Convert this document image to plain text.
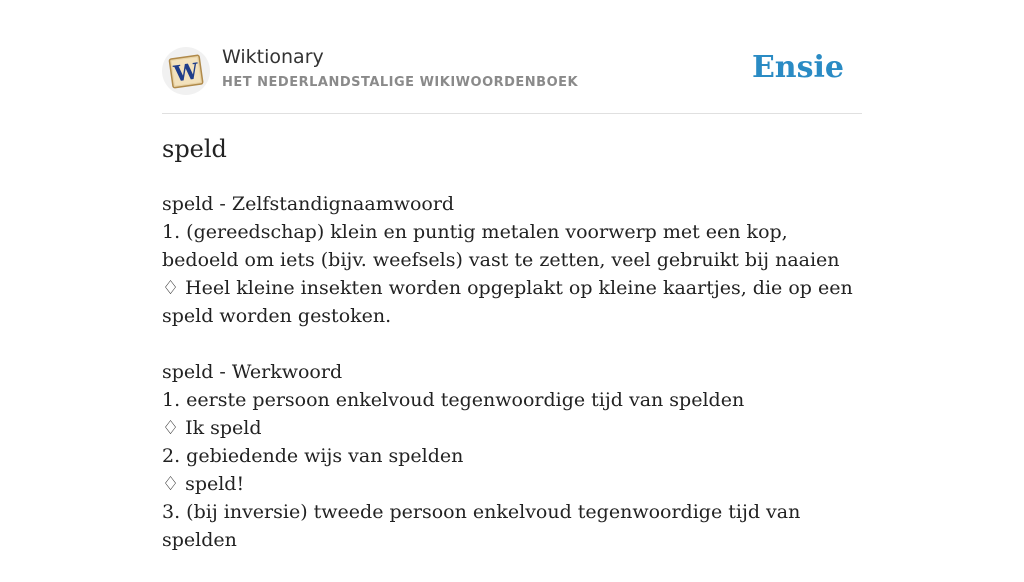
W
Wiktionary
HET NEDERLANDSTALIGE WIKIWOORDENBOEK	Ensie
speld
speld - Zelfstandignaamwoord
1. (gereedschap) klein en puntig metalen voorwerp met een kop, bedoeld om iets (bijv. weefsels) vast te zetten, veel gebruikt bij naaien
♢ Heel kleine insekten worden opgeplakt op kleine kaartjes, die op een speld worden gestoken.
speld - Werkwoord
1. eerste persoon enkelvoud tegenwoordige tijd van spelden
♢ Ik speld
2. gebiedende wijs van spelden
♢ speld!
3. (bij inversie) tweede persoon enkelvoud tegenwoordige tijd van spelden
